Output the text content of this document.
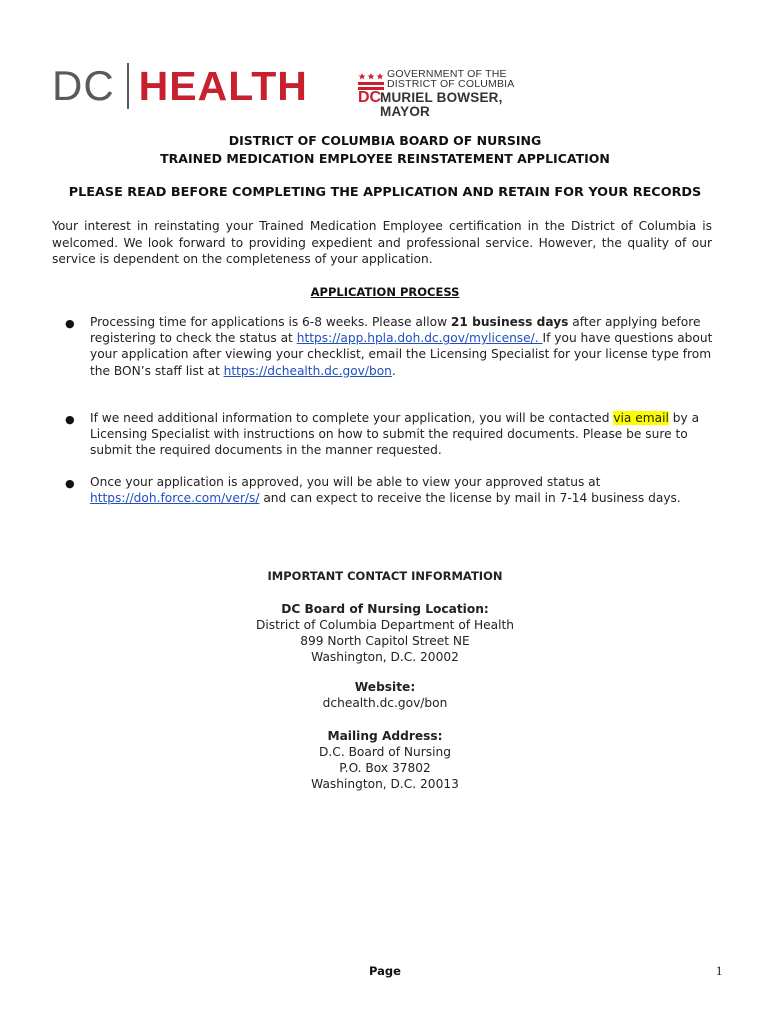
DC HEALTH	GOVERNMENT OF THE
DISTRICT OF COLUMBIA
DC
MURIEL BOWSER, MAYOR
DISTRICT OF COLUMBIA BOARD OF NURSING
TRAINED MEDICATION EMPLOYEE REINSTATEMENT APPLICATION
PLEASE READ BEFORE COMPLETING THE APPLICATION AND RETAIN FOR YOUR RECORDS
Your interest in reinstating your Trained Medication Employee certification in the District of Columbia is welcomed. We look forward to providing expedient and professional service. However, the quality of our service is dependent on the completeness of your application.
APPLICATION PROCESS
● Processing time for applications is 6-8 weeks. Please allow 21 business days after applying before registering to check the status at https://app.hpla.doh.dc.gov/mylicense/. If you have questions about your application after viewing your checklist, email the Licensing Specialist for your license type from the BON’s staff list at https://dchealth.dc.gov/bon.
● If we need additional information to complete your application, you will be contacted via email by a Licensing Specialist with instructions on how to submit the required documents. Please be sure to submit the required documents in the manner requested.
● Once your application is approved, you will be able to view your approved status at https://doh.force.com/ver/s/ and can expect to receive the license by mail in 7-14 business days.
IMPORTANT CONTACT INFORMATION
DC Board of Nursing Location:
District of Columbia Department of Health
899 North Capitol Street NE
Washington, D.C. 20002
Website:
dchealth.dc.gov/bon
Mailing Address:
D.C. Board of Nursing
P.O. Box 37802
Washington, D.C. 20013
Page	1
